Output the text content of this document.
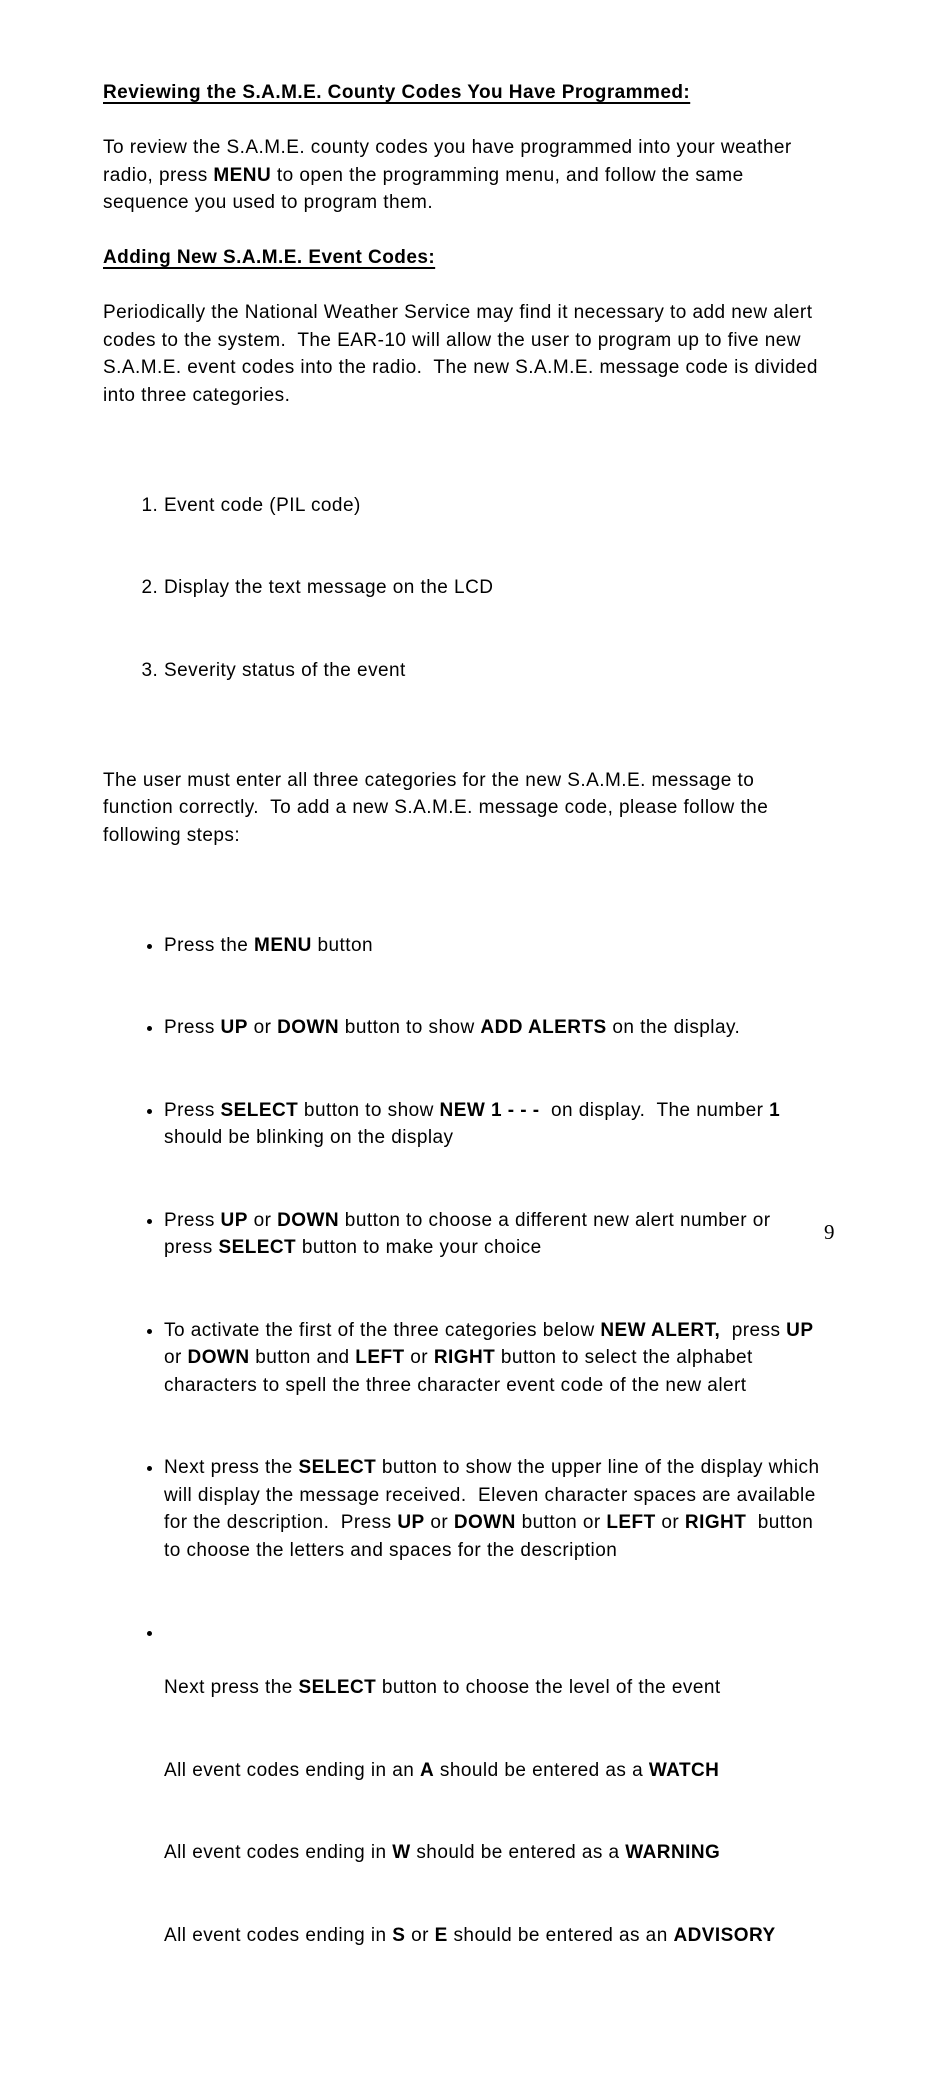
Reviewing the S.A.M.E. County Codes You Have Programmed:

To review the S.A.M.E. county codes you have programmed into your weather radio, press MENU to open the programming menu, and follow the same sequence you used to program them.

Adding New S.A.M.E. Event Codes:

Periodically the National Weather Service may find it necessary to add new alert codes to the system.  The EAR-10 will allow the user to program up to five new S.A.M.E. event codes into the radio.  The new S.A.M.E. message code is divided into three categories.

1. Event code (PIL code)

2. Display the text message on the LCD

3. Severity status of the event

The user must enter all three categories for the new S.A.M.E. message to function correctly.  To add a new S.A.M.E. message code, please follow the following steps:

• Press the MENU button

• Press UP or DOWN button to show ADD ALERTS on the display.

• Press SELECT button to show NEW 1 - - -  on display.  The number 1 should be blinking on the display

• Press UP or DOWN button to choose a different new alert number or press SELECT button to make your choice

• To activate the first of the three categories below NEW ALERT,  press UP or DOWN button and LEFT or RIGHT button to select the alphabet characters to spell the three character event code of the new alert

• Next press the SELECT button to show the upper line of the display which will display the message received.  Eleven character spaces are available for the description.  Press UP or DOWN button or LEFT or RIGHT  button to choose the letters and spaces for the description

• Next press the SELECT button to choose the level of the event

All event codes ending in an A should be entered as a WATCH

All event codes ending in W should be entered as a WARNING

All event codes ending in S or E should be entered as an ADVISORY

9
